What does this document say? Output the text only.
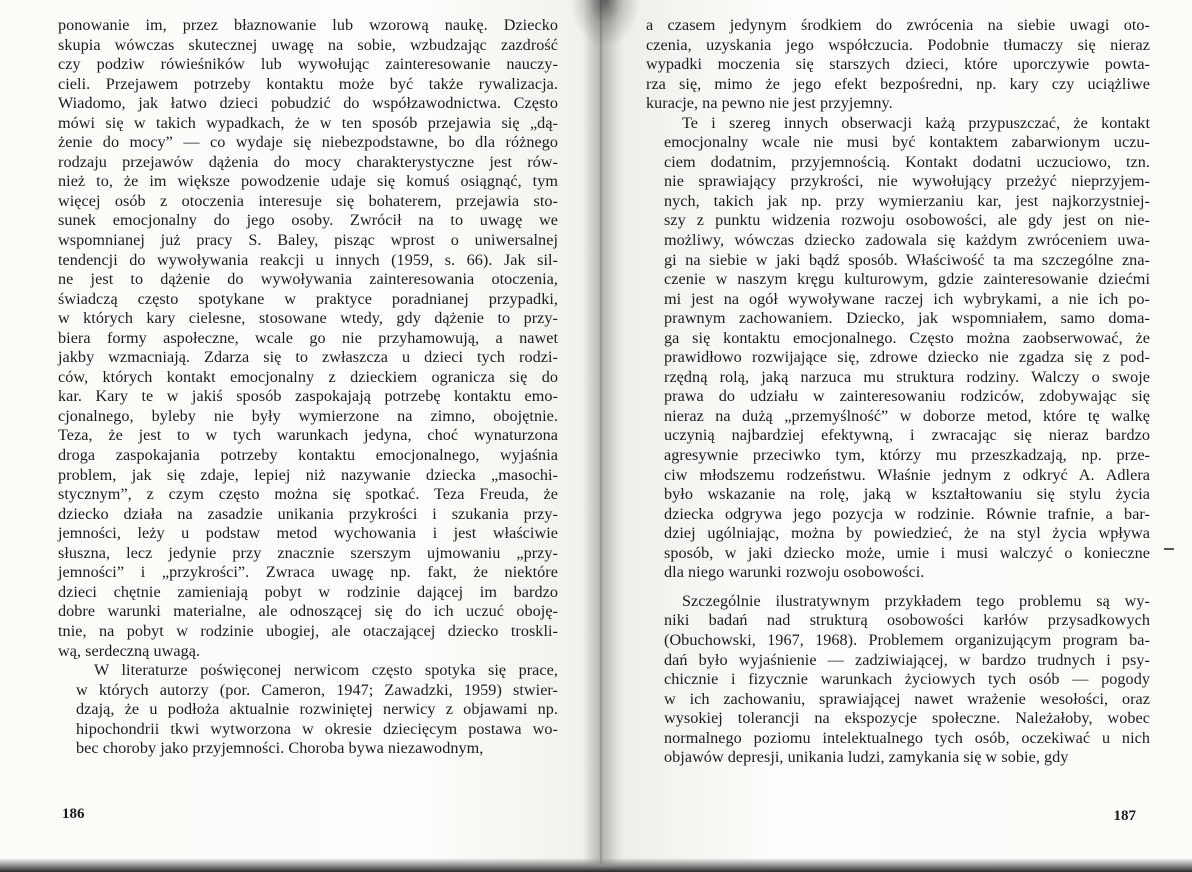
ponowanie im, przez błaznowanie lub wzorową naukę. Dziecko
skupia wówczas skutecznej uwagę na sobie, wzbudzając zazdrość
czy podziw rówieśników lub wywołując zainteresowanie nauczy-
cieli. Przejawem potrzeby kontaktu może być także rywalizacja.
Wiadomo, jak łatwo dzieci pobudzić do współzawodnictwa. Często
mówi się w takich wypadkach, że w ten sposób przejawia się „dą-
żenie do mocy” — co wydaje się niebezpodstawne, bo dla różnego
rodzaju przejawów dążenia do mocy charakterystyczne jest rów-
nież to, że im większe powodzenie udaje się komuś osiągnąć, tym
więcej osób z otoczenia interesuje się bohaterem, przejawia sto-
sunek emocjonalny do jego osoby. Zwrócił na to uwagę we
wspomnianej już pracy S. Baley, pisząc wprost o uniwersalnej
tendencji do wywoływania reakcji u innych (1959, s. 66). Jak sil-
ne jest to dążenie do wywoływania zainteresowania otoczenia,
świadczą często spotykane w praktyce poradnianej przypadki,
w których kary cielesne, stosowane wtedy, gdy dążenie to przy-
biera formy aspołeczne, wcale go nie przyhamowują, a nawet
jakby wzmacniają. Zdarza się to zwłaszcza u dzieci tych rodzi-
ców, których kontakt emocjonalny z dzieckiem ogranicza się do
kar. Kary te w jakiś sposób zaspokajają potrzebę kontaktu emo-
cjonalnego, byleby nie były wymierzone na zimno, obojętnie.
Teza, że jest to w tych warunkach jedyna, choć wynaturzona
droga zaspokajania potrzeby kontaktu emocjonalnego, wyjaśnia
problem, jak się zdaje, lepiej niż nazywanie dziecka „masochi-
stycznym”, z czym często można się spotkać. Teza Freuda, że
dziecko działa na zasadzie unikania przykrości i szukania przy-
jemności, leży u podstaw metod wychowania i jest właściwie
słuszna, lecz jedynie przy znacznie szerszym ujmowaniu „przy-
jemności” i „przykrości”. Zwraca uwagę np. fakt, że niektóre
dzieci chętnie zamieniają pobyt w rodzinie dającej im bardzo
dobre warunki materialne, ale odnoszącej się do ich uczuć oboję-
tnie, na pobyt w rodzinie ubogiej, ale otaczającej dziecko troskli-
wą, serdeczną uwagą.
W literaturze poświęconej nerwicom często spotyka się prace,
w których autorzy (por. Cameron, 1947; Zawadzki, 1959) stwier-
dzają, że u podłoża aktualnie rozwiniętej nerwicy z objawami np.
hipochondrii tkwi wytworzona w okresie dziecięcym postawa wo-
bec choroby jako przyjemności. Choroba bywa niezawodnym,
186
a czasem jedynym środkiem do zwrócenia na siebie uwagi oto-
czenia, uzyskania jego współczucia. Podobnie tłumaczy się nieraz
wypadki moczenia się starszych dzieci, które uporczywie powta-
rza się, mimo że jego efekt bezpośredni, np. kary czy uciążliwe
kuracje, na pewno nie jest przyjemny.
Te i szereg innych obserwacji każą przypuszczać, że kontakt
emocjonalny wcale nie musi być kontaktem zabarwionym uczu-
ciem dodatnim, przyjemnością. Kontakt dodatni uczuciowo, tzn.
nie sprawiający przykrości, nie wywołujący przeżyć nieprzyjem-
nych, takich jak np. przy wymierzaniu kar, jest najkorzystniej-
szy z punktu widzenia rozwoju osobowości, ale gdy jest on nie-
możliwy, wówczas dziecko zadowala się każdym zwróceniem uwa-
gi na siebie w jaki bądź sposób. Właściwość ta ma szczególne zna-
czenie w naszym kręgu kulturowym, gdzie zainteresowanie dziećmi
mi jest na ogół wywoływane raczej ich wybrykami, a nie ich po-
prawnym zachowaniem. Dziecko, jak wspomniałem, samo doma-
ga się kontaktu emocjonalnego. Często można zaobserwować, że
prawidłowo rozwijające się, zdrowe dziecko nie zgadza się z pod-
rzędną rolą, jaką narzuca mu struktura rodziny. Walczy o swoje
prawa do udziału w zainteresowaniu rodziców, zdobywając się
nieraz na dużą „przemyślność” w doborze metod, które tę walkę
uczynią najbardziej efektywną, i zwracając się nieraz bardzo
agresywnie przeciwko tym, którzy mu przeszkadzają, np. prze-
ciw młodszemu rodzeństwu. Właśnie jednym z odkryć A. Adlera
było wskazanie na rolę, jaką w kształtowaniu się stylu życia
dziecka odgrywa jego pozycja w rodzinie. Równie trafnie, a bar-
dziej ugólniając, można by powiedzieć, że na styl życia wpływa
sposób, w jaki dziecko może, umie i musi walczyć o konieczne
dla niego warunki rozwoju osobowości.
Szczególnie ilustratywnym przykładem tego problemu są wy-
niki badań nad strukturą osobowości karłów przysadkowych
(Obuchowski, 1967, 1968). Problemem organizującym program ba-
dań było wyjaśnienie — zadziwiającej, w bardzo trudnych i psy-
chicznie i fizycznie warunkach życiowych tych osób — pogody
w ich zachowaniu, sprawiającej nawet wrażenie wesołości, oraz
wysokiej tolerancji na ekspozycje społeczne. Należałoby, wobec
normalnego poziomu intelektualnego tych osób, oczekiwać u nich
objawów depresji, unikania ludzi, zamykania się w sobie, gdy
187
